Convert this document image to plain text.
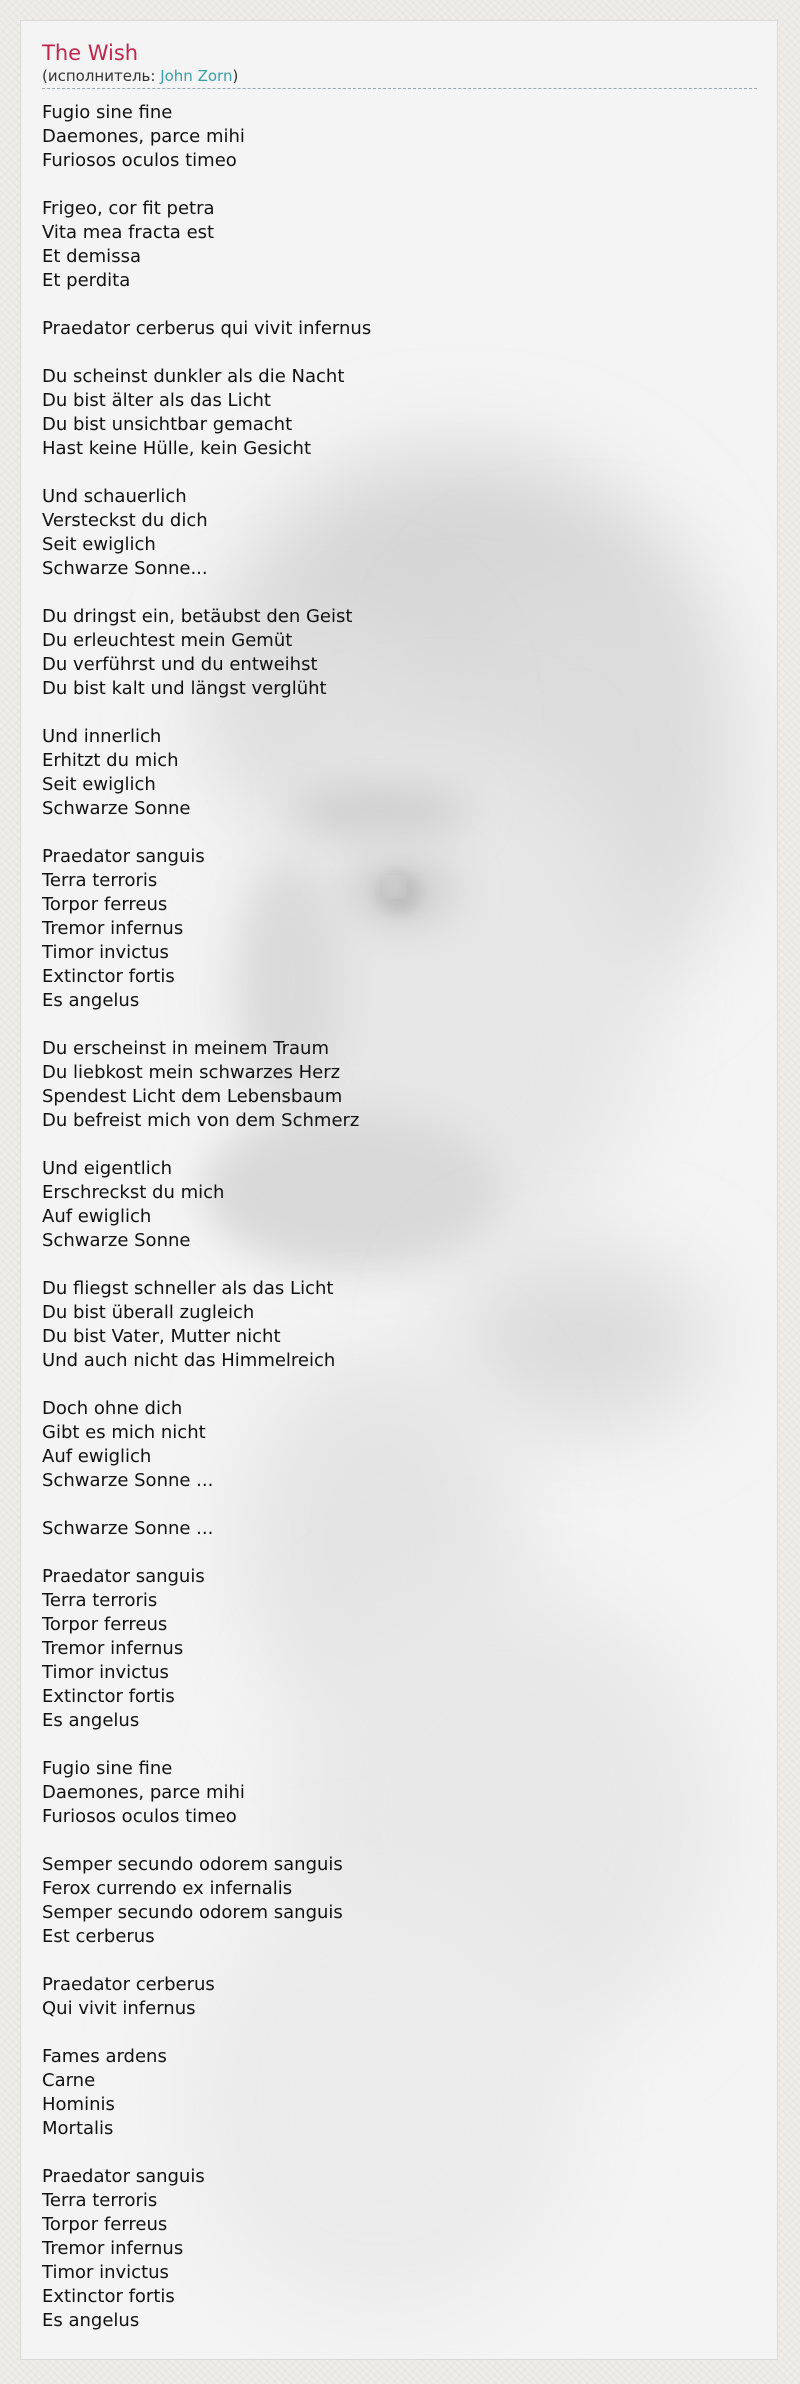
The Wish
(исполнитель: John Zorn)
Fugio sine fine
Daemones, parce mihi
Furiosos oculos timeo
Frigeo, cor fit petra
Vita mea fracta est
Et demissa
Et perdita
Praedator cerberus qui vivit infernus
Du scheinst dunkler als die Nacht
Du bist älter als das Licht
Du bist unsichtbar gemacht
Hast keine Hülle, kein Gesicht
Und schauerlich
Versteckst du dich
Seit ewiglich
Schwarze Sonne...
Du dringst ein, betäubst den Geist
Du erleuchtest mein Gemüt
Du verführst und du entweihst
Du bist kalt und längst verglüht
Und innerlich
Erhitzt du mich
Seit ewiglich
Schwarze Sonne
Praedator sanguis
Terra terroris
Torpor ferreus
Tremor infernus
Timor invictus
Extinctor fortis
Es angelus
Du erscheinst in meinem Traum
Du liebkost mein schwarzes Herz
Spendest Licht dem Lebensbaum
Du befreist mich von dem Schmerz
Und eigentlich
Erschreckst du mich
Auf ewiglich
Schwarze Sonne
Du fliegst schneller als das Licht
Du bist überall zugleich
Du bist Vater, Mutter nicht
Und auch nicht das Himmelreich
Doch ohne dich
Gibt es mich nicht
Auf ewiglich
Schwarze Sonne ...
Schwarze Sonne ...
Praedator sanguis
Terra terroris
Torpor ferreus
Tremor infernus
Timor invictus
Extinctor fortis
Es angelus
Fugio sine fine
Daemones, parce mihi
Furiosos oculos timeo
Semper secundo odorem sanguis
Ferox currendo ex infernalis
Semper secundo odorem sanguis
Est cerberus
Praedator cerberus
Qui vivit infernus
Fames ardens
Carne
Hominis
Mortalis
Praedator sanguis
Terra terroris
Torpor ferreus
Tremor infernus
Timor invictus
Extinctor fortis
Es angelus
